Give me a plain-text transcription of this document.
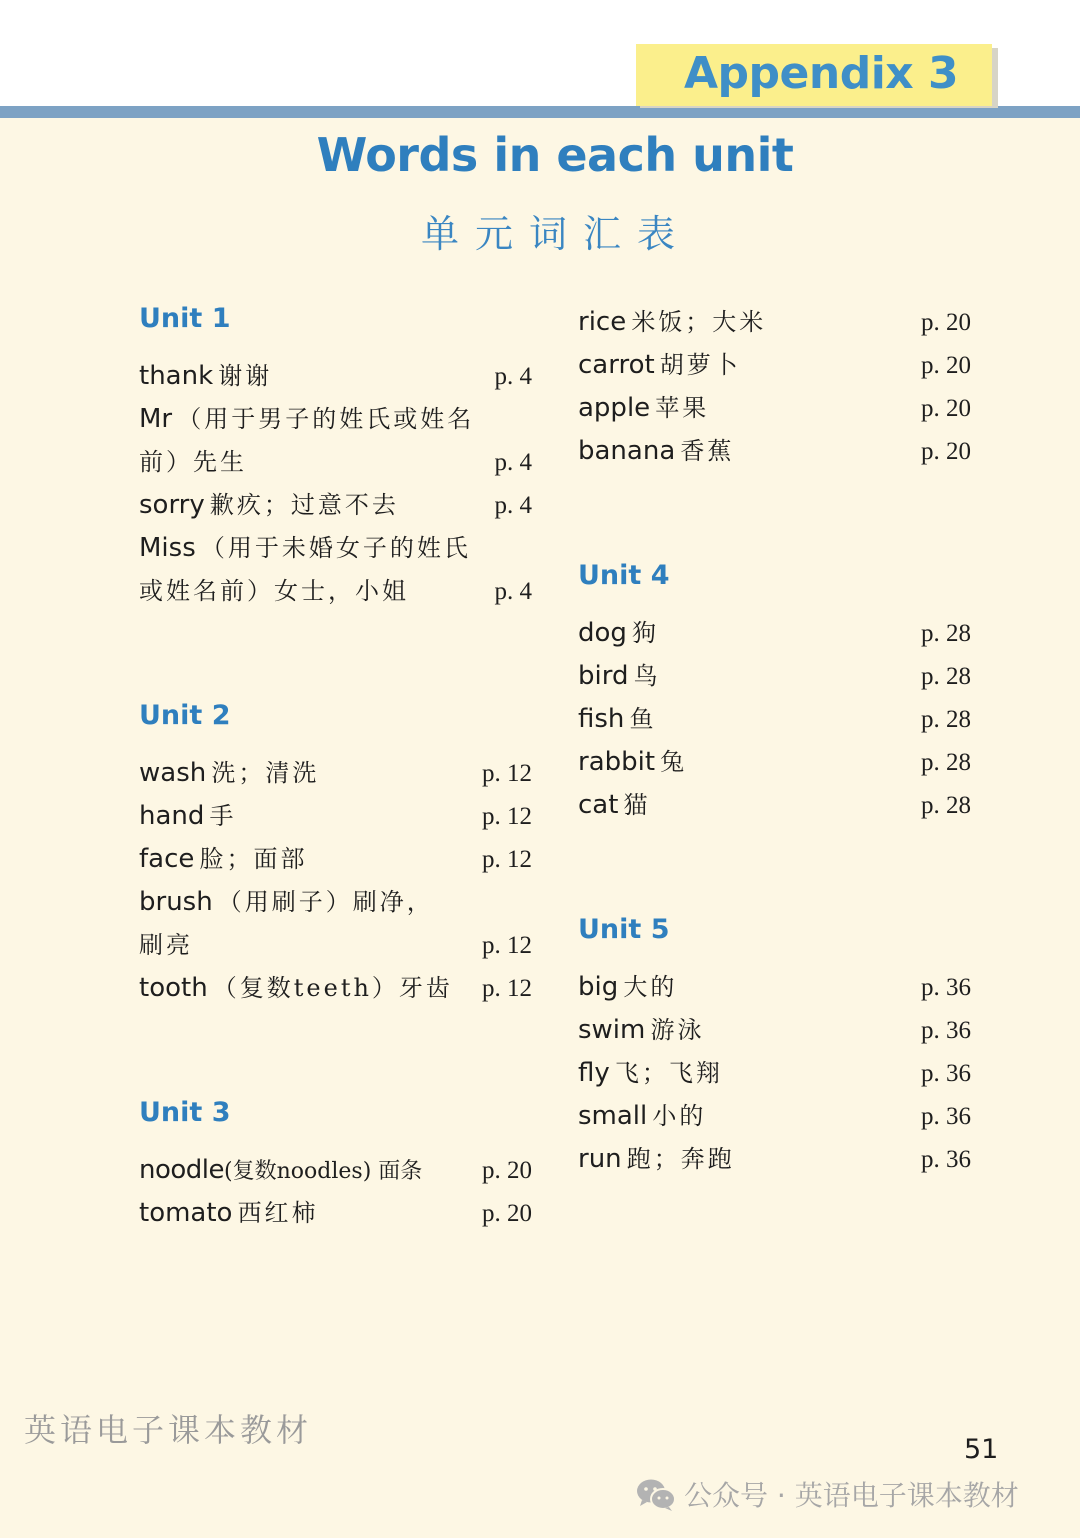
Appendix 3
Words in each unit
单元词汇表
Unit 1
thank 谢谢	p. 4
Mr （用于男子的姓氏或姓名
前）先生	p. 4
sorry 歉疚；过意不去	p. 4
Miss （用于未婚女子的姓氏
或姓名前）女士，小姐	p. 4
Unit 2
wash 洗；清洗	p. 12
hand 手	p. 12
face 脸；面部	p. 12
brush （用刷子）刷净，
刷亮	p. 12
tooth （复数teeth）牙齿 p. 12
Unit 3
noodle(复数noodles) 面条 p. 20
tomato 西红柿	p. 20
rice 米饭；大米	p. 20
carrot 胡萝卜	p. 20
apple 苹果	p. 20
banana 香蕉	p. 20
Unit 4
dog 狗	p. 28
bird 鸟	p. 28
fish 鱼	p. 28
rabbit 兔	p. 28
cat 猫	p. 28
Unit 5
big 大的	p. 36
swim 游泳	p. 36
fly 飞；飞翔	p. 36
small 小的	p. 36
run 跑；奔跑	p. 36
英语电子课本教材
51
公众号 · 英语电子课本教材
